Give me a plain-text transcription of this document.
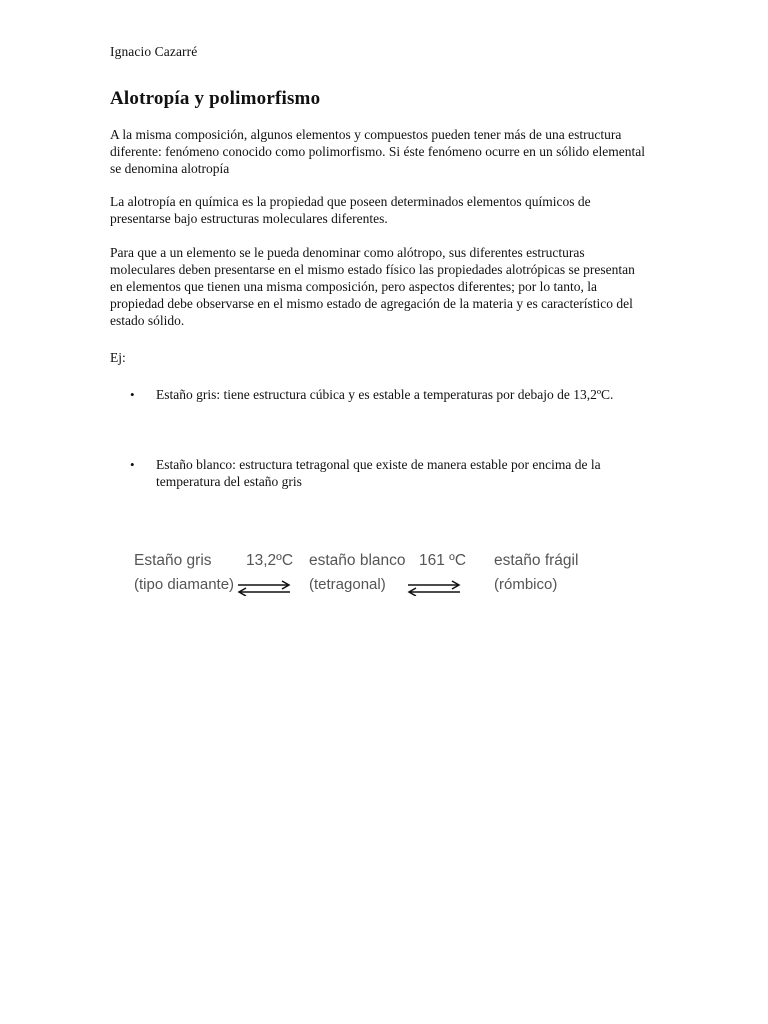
Ignacio Cazarré
Alotropía y polimorfismo

A la misma composición, algunos elementos y compuestos pueden tener más de una estructura diferente: fenómeno conocido como polimorfismo. Si éste fenómeno ocurre en un sólido elemental se denomina alotropía

La alotropía en química es la propiedad que poseen determinados elementos químicos de presentarse bajo estructuras moleculares diferentes.

Para que a un elemento se le pueda denominar como alótropo, sus diferentes estructuras moleculares deben presentarse en el mismo estado físico las propiedades alotrópicas se presentan en elementos que tienen una misma composición, pero aspectos diferentes; por lo tanto, la propiedad debe observarse en el mismo estado de agregación de la materia y es característico del estado sólido.

Ej:
• Estaño gris: tiene estructura cúbica y es estable a temperaturas por debajo de 13,2ºC.
• Estaño blanco: estructura tetragonal que existe de manera estable por encima de la temperatura del estaño gris
Estaño gris
(tipo diamante)
13,2ºC estaño blanco
(tetragonal)
161 ºC estaño frágil
(rómbico)
